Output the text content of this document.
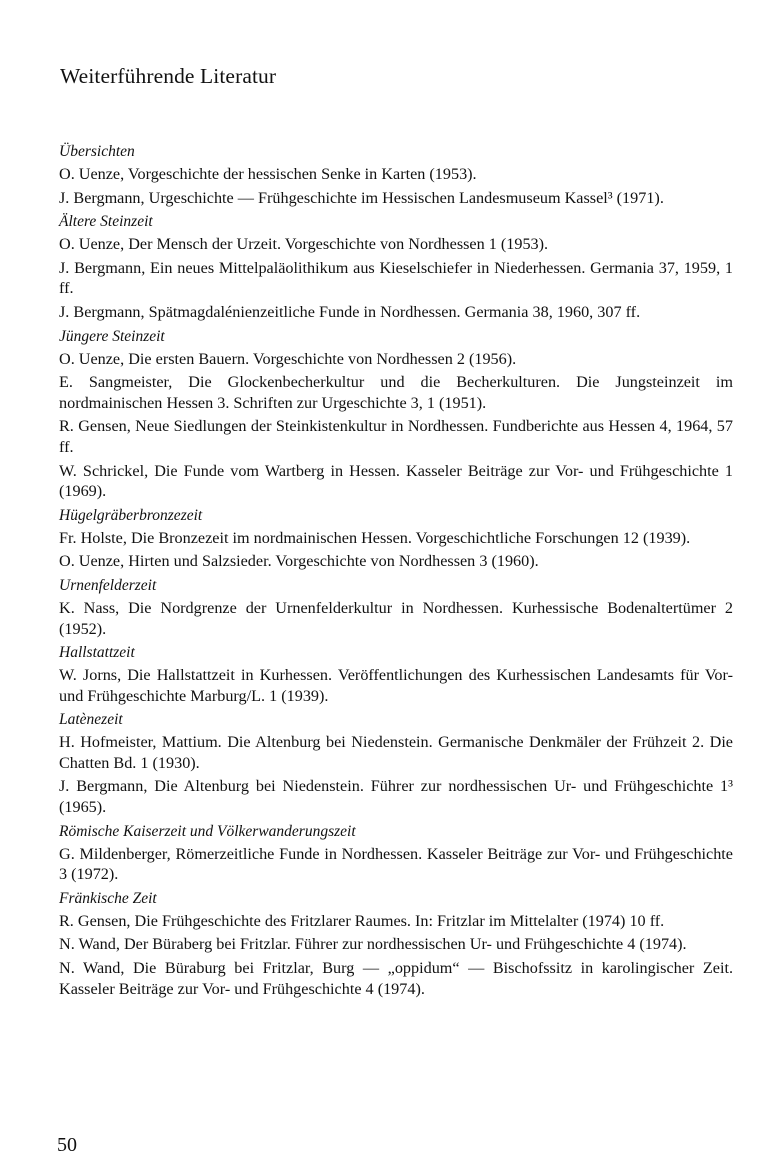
Weiterführende Literatur
Übersichten
O. Uenze, Vorgeschichte der hessischen Senke in Karten (1953).
J. Bergmann, Urgeschichte — Frühgeschichte im Hessischen Landesmuseum Kassel³ (1971).
Ältere Steinzeit
O. Uenze, Der Mensch der Urzeit. Vorgeschichte von Nordhessen 1 (1953).
J. Bergmann, Ein neues Mittelpaläolithikum aus Kieselschiefer in Niederhessen. Germania 37, 1959, 1 ff.
J. Bergmann, Spätmagdalénienzeitliche Funde in Nordhessen. Germania 38, 1960, 307 ff.
Jüngere Steinzeit
O. Uenze, Die ersten Bauern. Vorgeschichte von Nordhessen 2 (1956).
E. Sangmeister, Die Glockenbecherkultur und die Becherkulturen. Die Jungsteinzeit im nordmainischen Hessen 3. Schriften zur Urgeschichte 3, 1 (1951).
R. Gensen, Neue Siedlungen der Steinkistenkultur in Nordhessen. Fundberichte aus Hessen 4, 1964, 57 ff.
W. Schrickel, Die Funde vom Wartberg in Hessen. Kasseler Beiträge zur Vor- und Frühgeschichte 1 (1969).
Hügelgräberbronzezeit
Fr. Holste, Die Bronzezeit im nordmainischen Hessen. Vorgeschichtliche Forschungen 12 (1939).
O. Uenze, Hirten und Salzsieder. Vorgeschichte von Nordhessen 3 (1960).
Urnenfelderzeit
K. Nass, Die Nordgrenze der Urnenfelderkultur in Nordhessen. Kurhessische Bodenaltertümer 2 (1952).
Hallstattzeit
W. Jorns, Die Hallstattzeit in Kurhessen. Veröffentlichungen des Kurhessischen Landesamts für Vor- und Frühgeschichte Marburg/L. 1 (1939).
Latènezeit
H. Hofmeister, Mattium. Die Altenburg bei Niedenstein. Germanische Denkmäler der Frühzeit 2. Die Chatten Bd. 1 (1930).
J. Bergmann, Die Altenburg bei Niedenstein. Führer zur nordhessischen Ur- und Frühgeschichte 1³ (1965).
Römische Kaiserzeit und Völkerwanderungszeit
G. Mildenberger, Römerzeitliche Funde in Nordhessen. Kasseler Beiträge zur Vor- und Frühgeschichte 3 (1972).
Fränkische Zeit
R. Gensen, Die Frühgeschichte des Fritzlarer Raumes. In: Fritzlar im Mittelalter (1974) 10 ff.
N. Wand, Der Büraberg bei Fritzlar. Führer zur nordhessischen Ur- und Frühgeschichte 4 (1974).
N. Wand, Die Büraburg bei Fritzlar, Burg — „oppidum“ — Bischofssitz in karolingischer Zeit. Kasseler Beiträge zur Vor- und Frühgeschichte 4 (1974).
50
